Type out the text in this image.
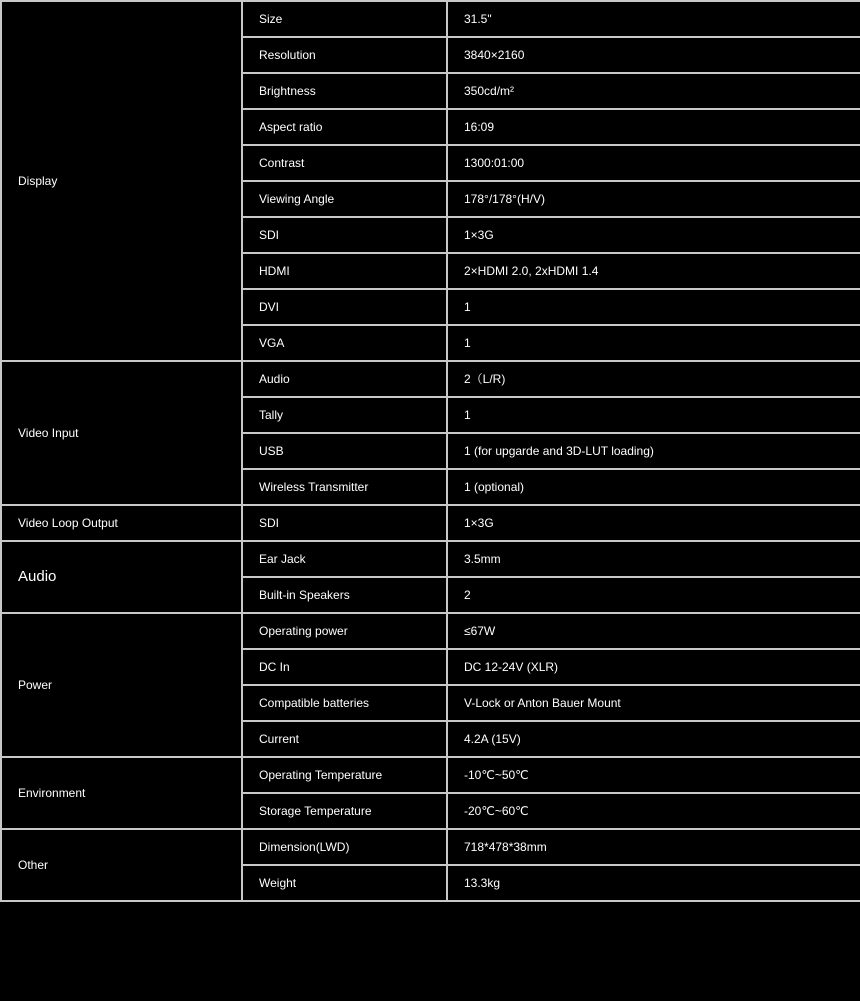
Display	Size	31.5"
	Resolution	3840×2160
	Brightness	350cd/m²
	Aspect ratio	16:09
	Contrast	1300:01:00
	Viewing Angle	178°/178°(H/V)
	SDI	1×3G
	HDMI	2×HDMI 2.0, 2xHDMI 1.4
	DVI	1
	VGA	1
Video Input	Audio	2（L/R)
	Tally	1
	USB	1 (for upgarde and 3D-LUT loading)
	Wireless Transmitter	1 (optional)
Video Loop Output	SDI	1×3G
Audio	Ear Jack	3.5mm
	Built-in Speakers	2
Power	Operating power	≤67W
	DC In	DC 12-24V (XLR)
	Compatible batteries	V-Lock or Anton Bauer Mount
	Current	4.2A (15V)
Environment	Operating Temperature	-10℃~50℃
	Storage Temperature	-20℃~60℃
Other	Dimension(LWD)	718*478*38mm
	Weight	13.3kg
